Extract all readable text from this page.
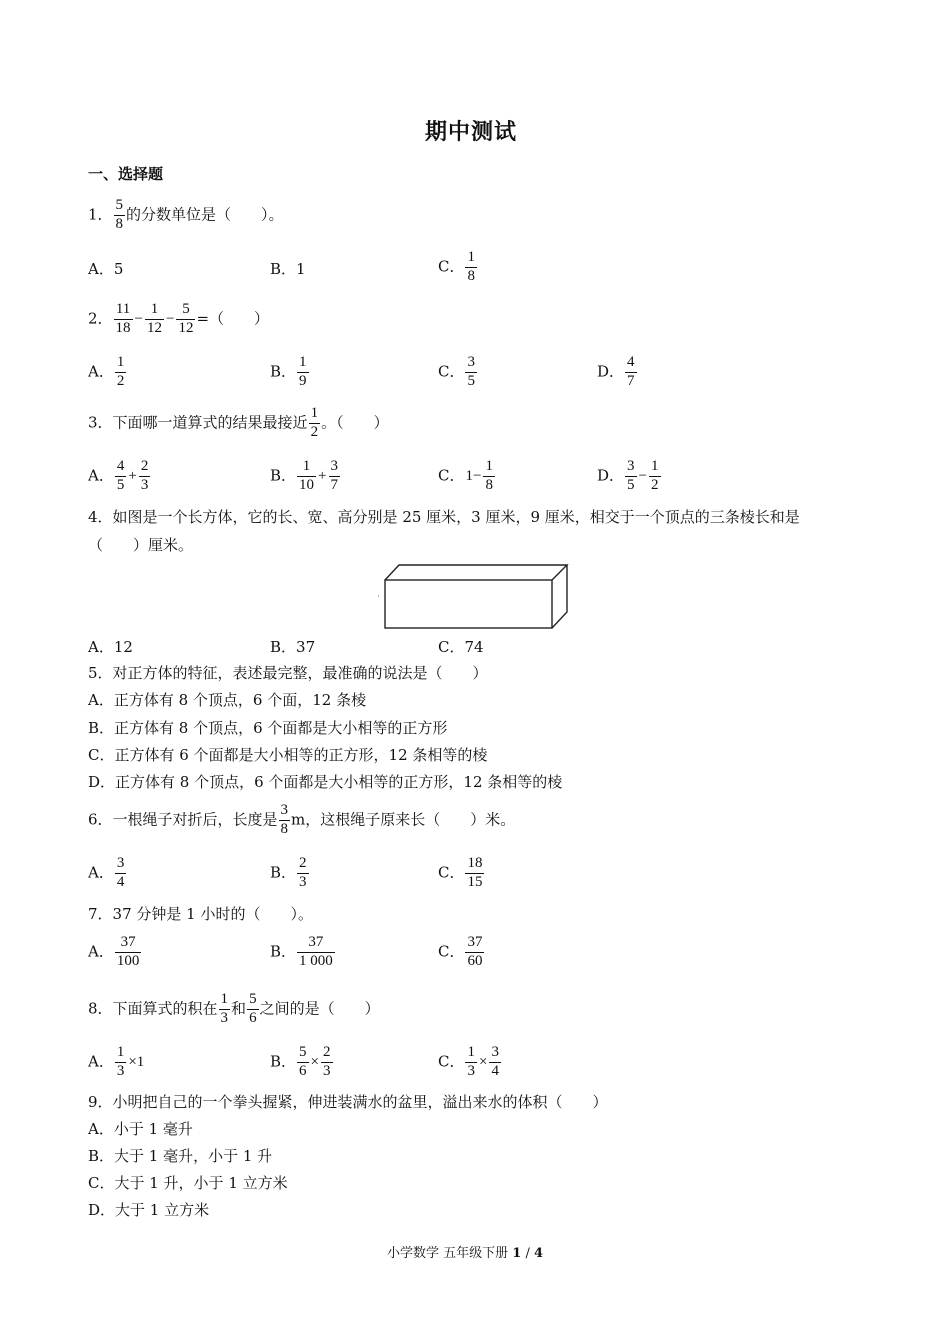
期中测试
一、选择题
1． $\frac{5}{8}$ 的分数单位是（　　）。
A．5	B．1	C． $\frac{1}{8}$
2． $\frac{11}{18} - \frac{1}{12} - \frac{5}{12}$ =（　　）
A． $\frac{1}{2}$	B． $\frac{1}{9}$	C． $\frac{3}{5}$	D． $\frac{4}{7}$
3．下面哪一道算式的结果最接近 $\frac{1}{2}$ 。（　　）
A． $\frac{4}{5} + \frac{2}{3}$	B． $\frac{1}{10} + \frac{3}{7}$	C．$1- \frac{1}{8}$	D． $\frac{3}{5} - \frac{1}{2}$
4．如图是一个长方体，它的长、宽、高分别是 25 厘米，3 厘米，9 厘米，相交于一个顶点的三条棱长和是
（　　）厘米。
A．12	B．37	C．74
5．对正方体的特征，表述最完整，最准确的说法是（　　）
A．正方体有 8 个顶点，6 个面，12 条棱
B．正方体有 8 个顶点，6 个面都是大小相等的正方形
C．正方体有 6 个面都是大小相等的正方形，12 条相等的棱
D．正方体有 8 个顶点，6 个面都是大小相等的正方形，12 条相等的棱
6．一根绳子对折后，长度是 $\frac{3}{8}$ m，这根绳子原来长（　　）米。
A． $\frac{3}{4}$	B． $\frac{2}{3}$	C． $\frac{18}{15}$
7．37 分钟是 1 小时的（　　）。
A． $\frac{37}{100}$	B． $\frac{37}{1 000}$	C． $\frac{37}{60}$
8．下面算式的积在 $\frac{1}{3}$ 和 $\frac{5}{6}$ 之间的是（　　）
A． $\frac{1}{3} \times 1$	B． $\frac{5}{6} \times \frac{2}{3}$	C． $\frac{1}{3} \times \frac{3}{4}$
9．小明把自己的一个拳头握紧，伸进装满水的盆里，溢出来水的体积（　　）
A．小于 1 毫升
B．大于 1 毫升，小于 1 升
C．大于 1 升，小于 1 立方米
D．大于 1 立方米
小学数学 五年级下册 1 / 4
